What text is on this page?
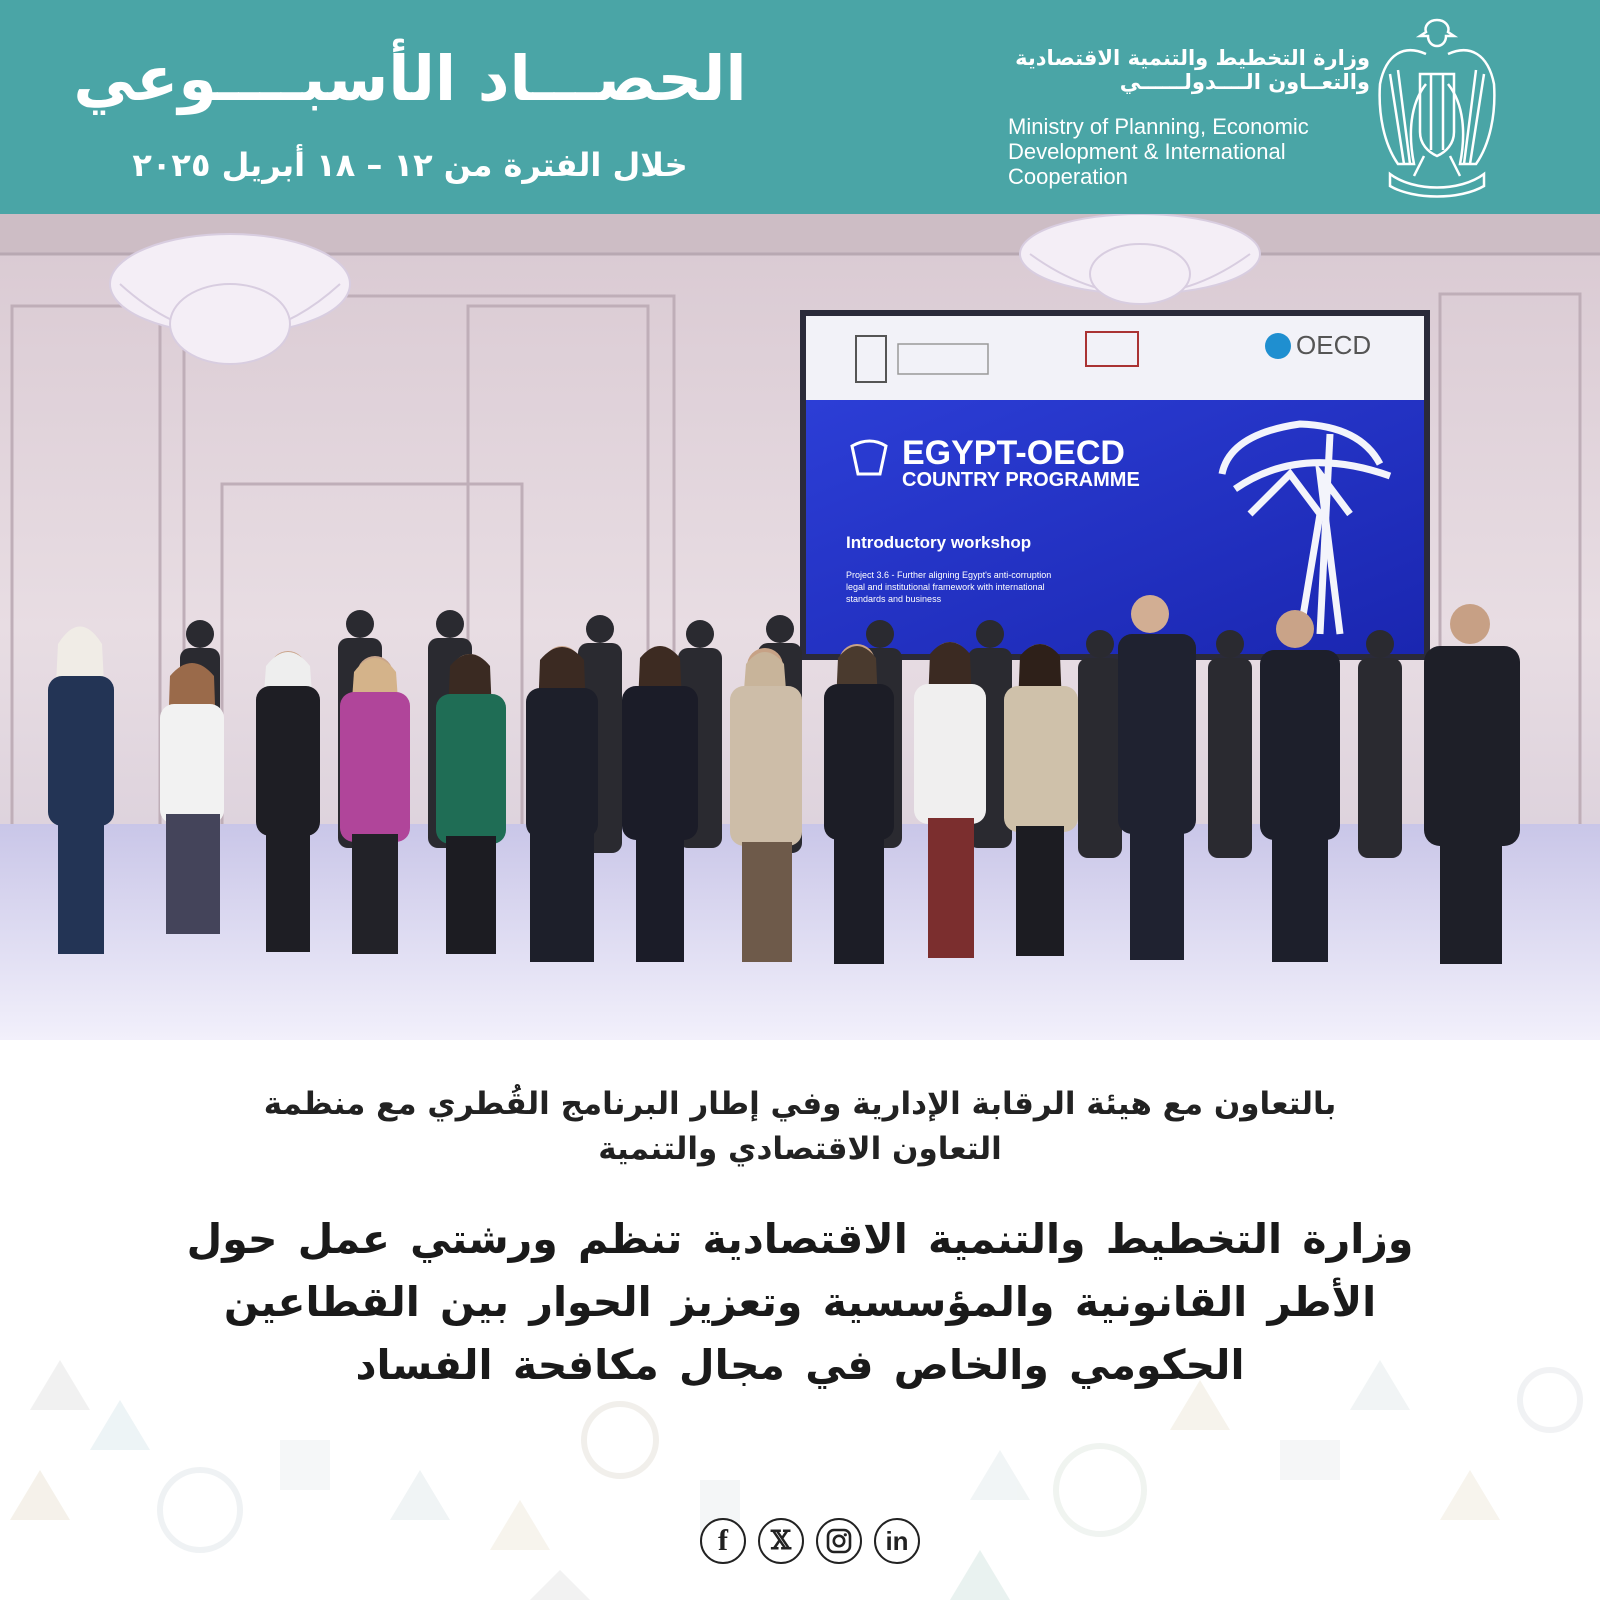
الحصـــاد الأسبــــوعي
خلال الفترة من ١٢ – ١٨ أبريل ٢٠٢٥
وزارة التخطيط والتنمية الاقتصادية
والتعــاون الــــدولــــــي
Ministry of Planning, Economic
Development & International
Cooperation
OECD
EGYPT-OECD
COUNTRY PROGRAMME
Introductory workshop
Project 3.6 - Further aligning Egypt's anti-corruption
legal and institutional framework with international
standards and business
بالتعاون مع هيئة الرقابة الإدارية وفي إطار البرنامج القُطري مع منظمة
التعاون الاقتصادي والتنمية
وزارة التخطيط والتنمية الاقتصادية تنظم ورشتي عمل حول
الأطر القانونية والمؤسسية وتعزيز الحوار بين القطاعين
الحكومي والخاص في مجال مكافحة الفساد
f 𝕏	in
